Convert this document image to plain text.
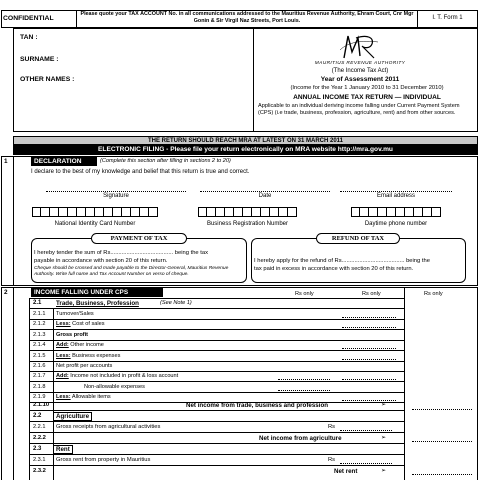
CONFIDENTIAL
Please quote your TAX ACCOUNT No. in all communications addressed to the Mauritius Revenue Authority, Ehram Court, Cnr Mgr Gonin & Sir Virgil Naz Streets, Port Louis.	I. T. Form 1
TAN :
SURNAME :
OTHER NAMES :
MAURITIUS REVENUE AUTHORITY
(The Income Tax Act)
Year of Assessment 2011
(Income for the Year 1 January 2010 to 31 December 2010)
ANNUAL INCOME TAX RETURN — INDIVIDUAL
Applicable to an individual deriving income falling under Current Payment System (CPS) (i.e trade, business, profession, agriculture, rent) and from other sources.
THE RETURN SHOULD REACH MRA AT LATEST ON 31 MARCH 2011
ELECTRONIC FILING - Please file your return electronically on MRA website http://mra.gov.mu
1	DECLARATION	(Complete this section after filling in sections 2 to 20)
I declare to the best of my knowledge and belief that this return is true and correct.
Signature	Date	Email address
National Identity Card Number	Business Registration Number	Daytime phone number
PAYMENT OF TAX
I hereby tender the sum of Rs....................................... being the tax
payable in accordance with section 20 of this return.
Cheque should be crossed and made payable to the Director-General, Mauritius Revenue Authority. Write full name and Tax Account Number on verso of cheque.
REFUND OF TAX
I hereby apply for the refund of Rs....................................... being the
tax paid in excess in accordance with section 20 of this return.
2	INCOME FALLING UNDER CPS	Rs only	Rs only	Rs only
2.1 Trade, Business, Profession	(See Note 1)
2.1.1 Turnover/Sales
2.1.2 Less: Cost of sales
2.1.3 Gross profit
2.1.4 Add: Other income
2.1.5 Less: Business expenses
2.1.6 Net profit per accounts
2.1.7 Add: Income not included in profit & loss account
2.1.8	Non-allowable expenses
2.1.9 Less: Allowable items
2.1.10	Net income from trade, business and profession	➢
2.2	Agriculture
2.2.1 Gross receipts from agricultural activities	Rs
2.2.2	Net income from agriculture	➢
2.3	Rent
2.3.1 Gross rent from property in Mauritius	Rs
2.3.2	Net rent	➢
